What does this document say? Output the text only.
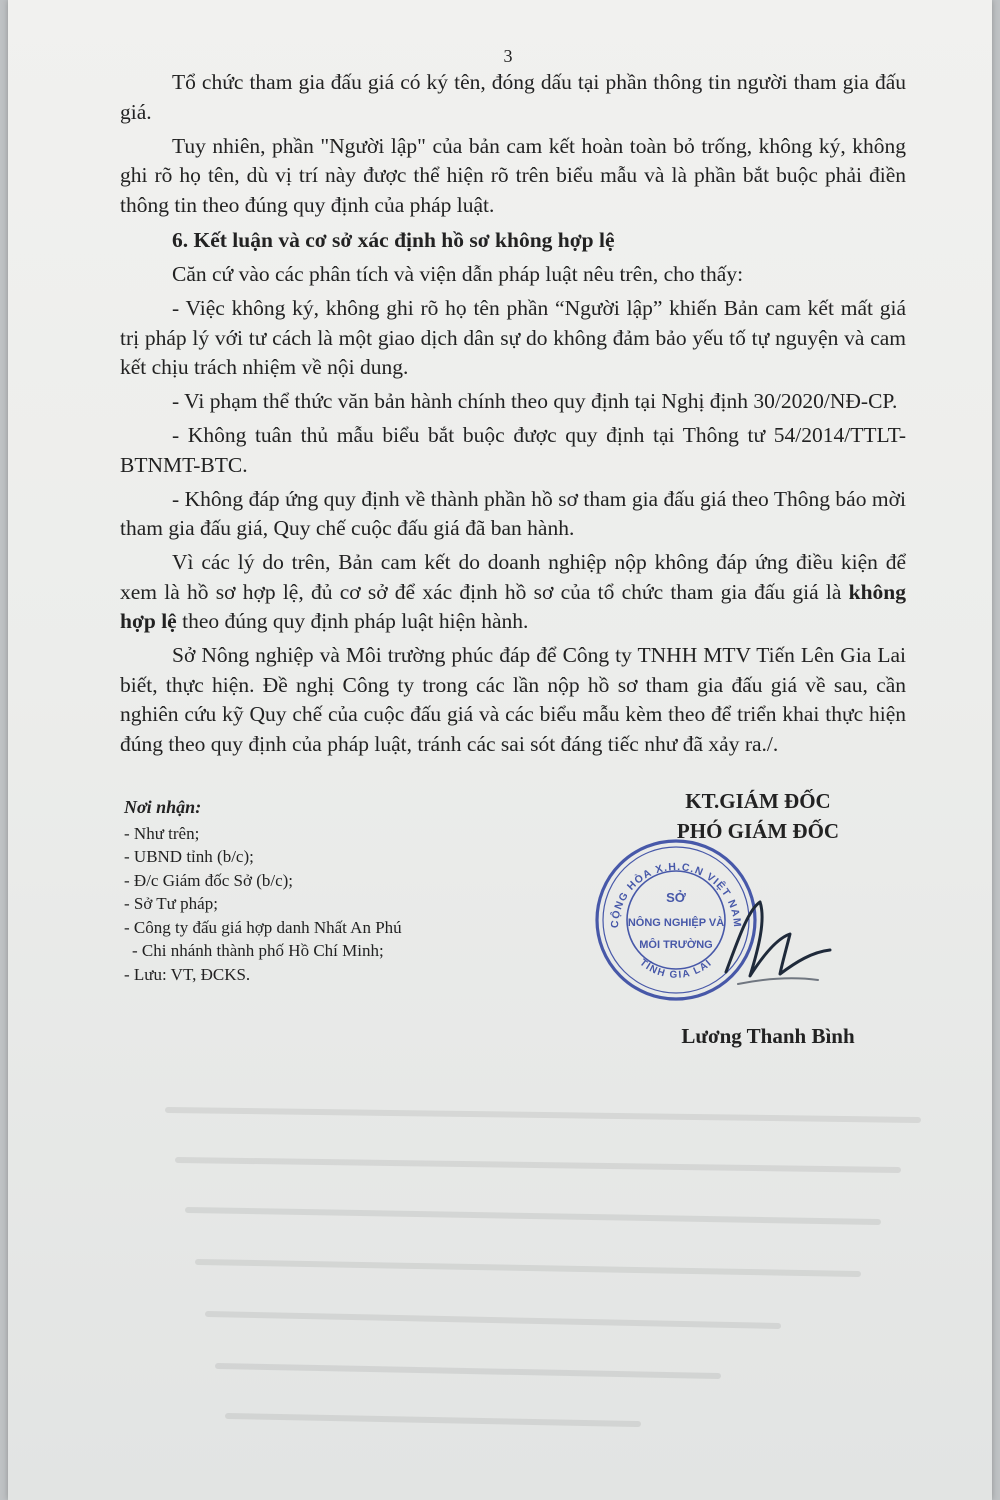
3

Tổ chức tham gia đấu giá có ký tên, đóng dấu tại phần thông tin người tham gia đấu giá.

Tuy nhiên, phần "Người lập" của bản cam kết hoàn toàn bỏ trống, không ký, không ghi rõ họ tên, dù vị trí này được thể hiện rõ trên biểu mẫu và là phần bắt buộc phải điền thông tin theo đúng quy định của pháp luật.

6. Kết luận và cơ sở xác định hồ sơ không hợp lệ

Căn cứ vào các phân tích và viện dẫn pháp luật nêu trên, cho thấy:

- Việc không ký, không ghi rõ họ tên phần “Người lập” khiến Bản cam kết mất giá trị pháp lý với tư cách là một giao dịch dân sự do không đảm bảo yếu tố tự nguyện và cam kết chịu trách nhiệm về nội dung.

- Vi phạm thể thức văn bản hành chính theo quy định tại Nghị định 30/2020/NĐ-CP.

- Không tuân thủ mẫu biểu bắt buộc được quy định tại Thông tư 54/2014/TTLT-BTNMT-BTC.

- Không đáp ứng quy định về thành phần hồ sơ tham gia đấu giá theo Thông báo mời tham gia đấu giá, Quy chế cuộc đấu giá đã ban hành.

Vì các lý do trên, Bản cam kết do doanh nghiệp nộp không đáp ứng điều kiện để xem là hồ sơ hợp lệ, đủ cơ sở để xác định hồ sơ của tổ chức tham gia đấu giá là không hợp lệ theo đúng quy định pháp luật hiện hành.

Sở Nông nghiệp và Môi trường phúc đáp để Công ty TNHH MTV Tiến Lên Gia Lai biết, thực hiện. Đề nghị Công ty trong các lần nộp hồ sơ tham gia đấu giá về sau, cần nghiên cứu kỹ Quy chế của cuộc đấu giá và các biểu mẫu kèm theo để triển khai thực hiện đúng theo quy định của pháp luật, tránh các sai sót đáng tiếc như đã xảy ra./.

Nơi nhận:
- Như trên;
- UBND tỉnh (b/c);
- Đ/c Giám đốc Sở (b/c);
- Sở Tư pháp;
- Công ty đấu giá hợp danh Nhất An Phú
- Chi nhánh thành phố Hồ Chí Minh;
- Lưu: VT, ĐCKS.
KT.GIÁM ĐỐC
PHÓ GIÁM ĐỐC
CỘNG HÒA X.H.C.N VIỆT NAM
TỈNH GIA LAI
SỞ
NÔNG NGHIỆP VÀ
MÔI TRƯỜNG
Lương Thanh Bình
